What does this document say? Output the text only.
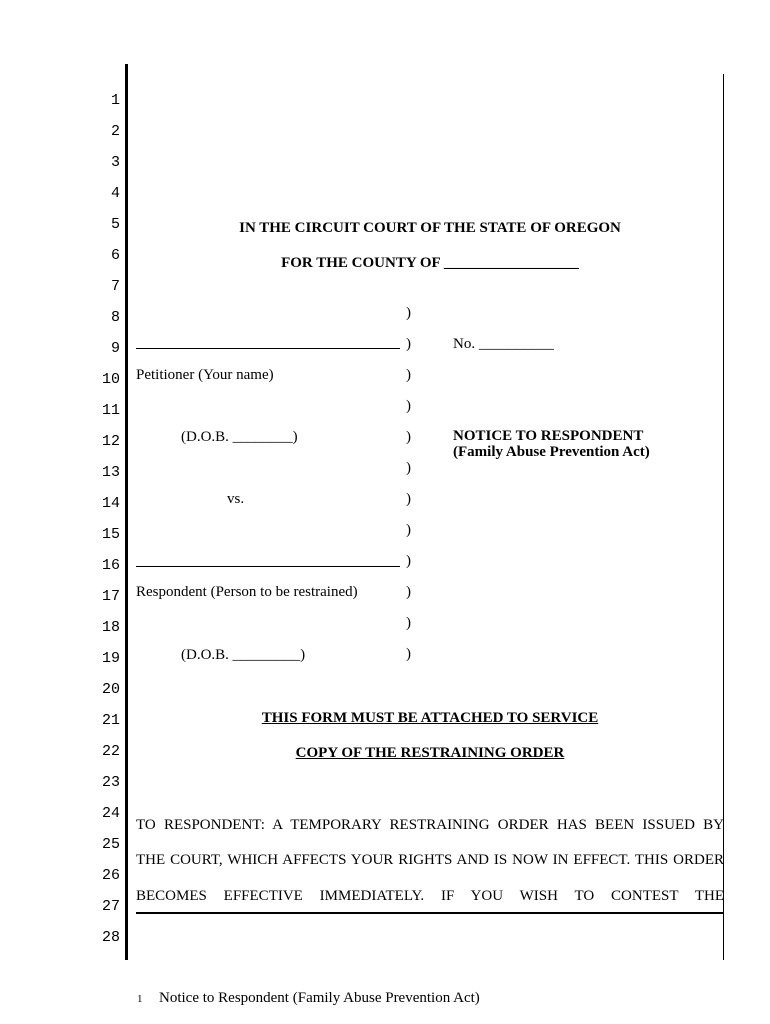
1
2
3
4
5
6
7
8
9
10
11
12
13
14
15
16
17
18
19
20
21
22
23
24
25
26
27
28
IN THE CIRCUIT COURT OF THE STATE OF OREGON
FOR THE COUNTY OF __________________
)
)
)
)
)
)
)
)
)
)
)
)
Petitioner (Your name)
(D.O.B. ________)
vs.
Respondent (Person to be restrained)
(D.O.B. _________)
No. __________
NOTICE TO RESPONDENT
(Family Abuse Prevention Act)
THIS FORM MUST BE ATTACHED TO SERVICE
COPY OF THE RESTRAINING ORDER
TO RESPONDENT: A TEMPORARY RESTRAINING ORDER HAS BEEN ISSUED BY
THE COURT, WHICH AFFECTS YOUR RIGHTS AND IS NOW IN EFFECT. THIS ORDER
BECOMES EFFECTIVE IMMEDIATELY. IF YOU WISH TO CONTEST THE
1 Notice to Respondent (Family Abuse Prevention Act)
